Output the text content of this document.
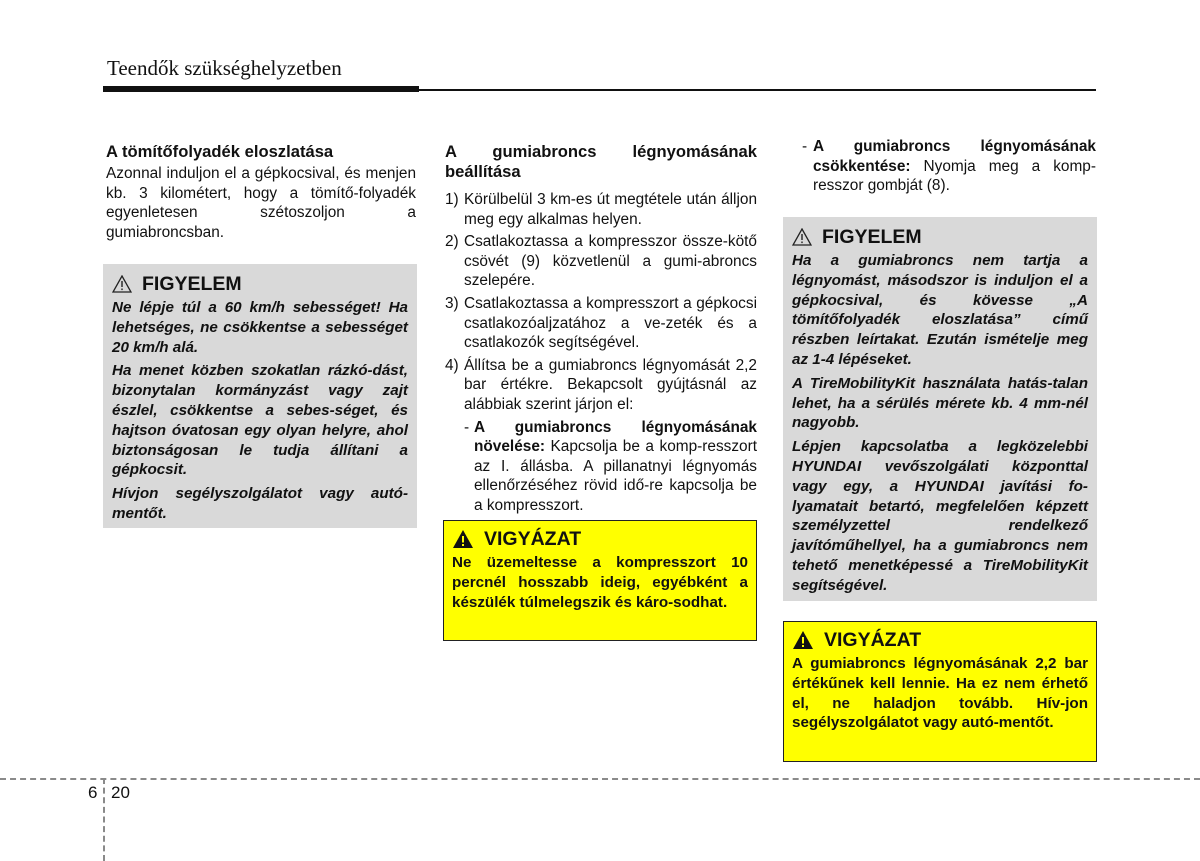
Teendők szükséghelyzetben
A tömítőfolyadék eloszlatása

Azonnal induljon el a gépkocsival, és menjen kb. 3 kilométert, hogy a tömítő-folyadék egyenletesen szétoszoljon a gumiabroncsban.

FIGYELEM

Ne lépje túl a 60 km/h sebességet! Ha lehetséges, ne csökkentse a sebességet 20 km/h alá.

Ha menet közben szokatlan rázkó-dást, bizonytalan kormányzást vagy zajt észlel, csökkentse a sebes-séget, és hajtson óvatosan egy olyan helyre, ahol biztonságosan le tudja állítani a gépkocsit.

Hívjon segélyszolgálatot vagy autó-mentőt.

A gumiabroncs légnyomásának
beállítása
1) Körülbelül 3 km-es út megtétele után álljon meg egy alkalmas helyen.
2) Csatlakoztassa a kompresszor össze-kötő csövét (9) közvetlenül a gumi-abroncs szelepére.
3) Csatlakoztassa a kompresszort a gépkocsi csatlakozóaljzatához a ve-zeték és a csatlakozók segítségével.
4) Állítsa be a gumiabroncs légnyomását 2,2 bar értékre. Bekapcsolt gyújtásnál az alábbiak szerint járjon el:
- A gumiabroncs légnyomásának növelése: Kapcsolja be a komp-resszort az I. állásba. A pillanatnyi légnyomás ellenőrzéséhez rövid idő-re kapcsolja be a kompresszort.
VIGYÁZAT

Ne üzemeltesse a kompresszort 10 percnél hosszabb ideig, egyébként a készülék túlmelegszik és káro-sodhat.

- A gumiabroncs légnyomásának csökkentése: Nyomja meg a komp-resszor gombját (8).
FIGYELEM

Ha a gumiabroncs nem tartja a légnyomást, másodszor is induljon el a gépkocsival, és kövesse „A tömítőfolyadék eloszlatása” című részben leírtakat. Ezután ismételje meg az 1-4 lépéseket.

A TireMobilityKit használata hatás-talan lehet, ha a sérülés mérete kb. 4 mm-nél nagyobb.

Lépjen kapcsolatba a legközelebbi HYUNDAI vevőszolgálati központtal vagy egy, a HYUNDAI javítási fo-lyamatait betartó, megfelelően képzett személyzettel rendelkező javítóműhellyel, ha a gumiabroncs nem tehető menetképessé a TireMobilityKit segítségével.

VIGYÁZAT

A gumiabroncs légnyomásának 2,2 bar értékűnek kell lennie. Ha ez nem érhető el, ne haladjon tovább. Hív-jon segélyszolgálatot vagy autó-mentőt.

6 20
